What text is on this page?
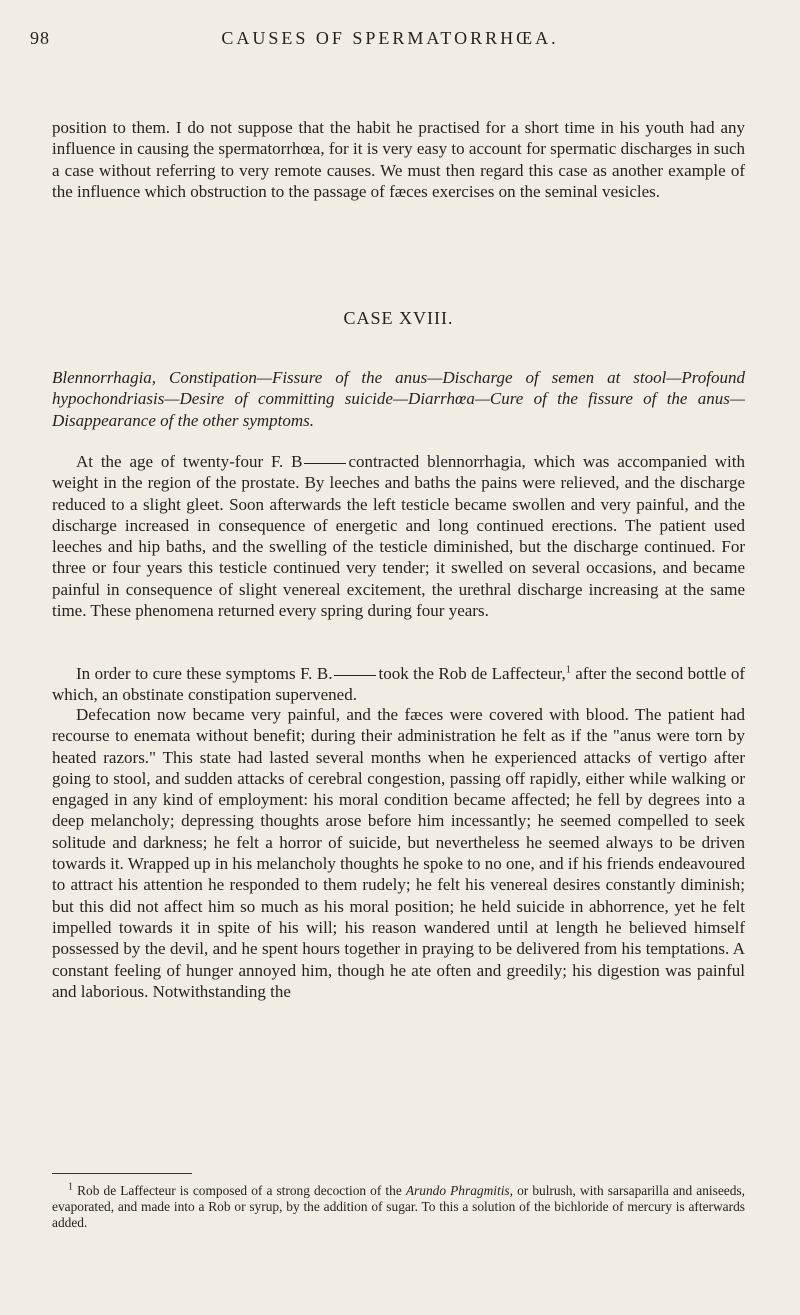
98	CAUSES OF SPERMATORRHŒA.

position to them. I do not suppose that the habit he practised for a short time in his youth had any influence in causing the spermatorrhœa, for it is very easy to account for spermatic discharges in such a case without referring to very remote causes. We must then regard this case as another example of the influence which obstruction to the passage of fæces exercises on the seminal vesicles.

CASE XVIII.

Blennorrhagia, Constipation—Fissure of the anus—Discharge of semen at stool—Profound hypochondriasis—Desire of committing suicide—Diarrhœa—Cure of the fissure of the anus—Disappearance of the other symptoms.

At the age of twenty-four F. B	contracted blennorrhagia, which was accompanied with weight in the region of the prostate. By leeches and baths the pains were relieved, and the discharge reduced to a slight gleet. Soon afterwards the left testicle became swollen and very painful, and the discharge increased in consequence of energetic and long continued erections. The patient used leeches and hip baths, and the swelling of the testicle diminished, but the discharge continued. For three or four years this testicle continued very tender; it swelled on several occasions, and became painful in consequence of slight venereal excitement, the urethral discharge increasing at the same time. These phenomena returned every spring during four years.

In order to cure these symptoms F. B.	took the Rob de Laffecteur,$^1$ after the second bottle of which, an obstinate constipation supervened.

Defecation now became very painful, and the fæces were covered with blood. The patient had recourse to enemata without benefit; during their administration he felt as if the "anus were torn by heated razors." This state had lasted several months when he experienced attacks of vertigo after going to stool, and sudden attacks of cerebral congestion, passing off rapidly, either while walking or engaged in any kind of employment: his moral condition became affected; he fell by degrees into a deep melancholy; depressing thoughts arose before him incessantly; he seemed compelled to seek solitude and darkness; he felt a horror of suicide, but nevertheless he seemed always to be driven towards it. Wrapped up in his melancholy thoughts he spoke to no one, and if his friends endeavoured to attract his attention he responded to them rudely; he felt his venereal desires constantly diminish; but this did not affect him so much as his moral position; he held suicide in abhorrence, yet he felt impelled towards it in spite of his will; his reason wandered until at length he believed himself possessed by the devil, and he spent hours together in praying to be delivered from his temptations. A constant feeling of hunger annoyed him, though he ate often and greedily; his digestion was painful and laborious. Notwithstanding the

$^1$ Rob de Laffecteur is composed of a strong decoction of the Arundo Phragmitis, or bulrush, with sarsaparilla and aniseeds, evaporated, and made into a Rob or syrup, by the addition of sugar. To this a solution of the bichloride of mercury is afterwards added.
